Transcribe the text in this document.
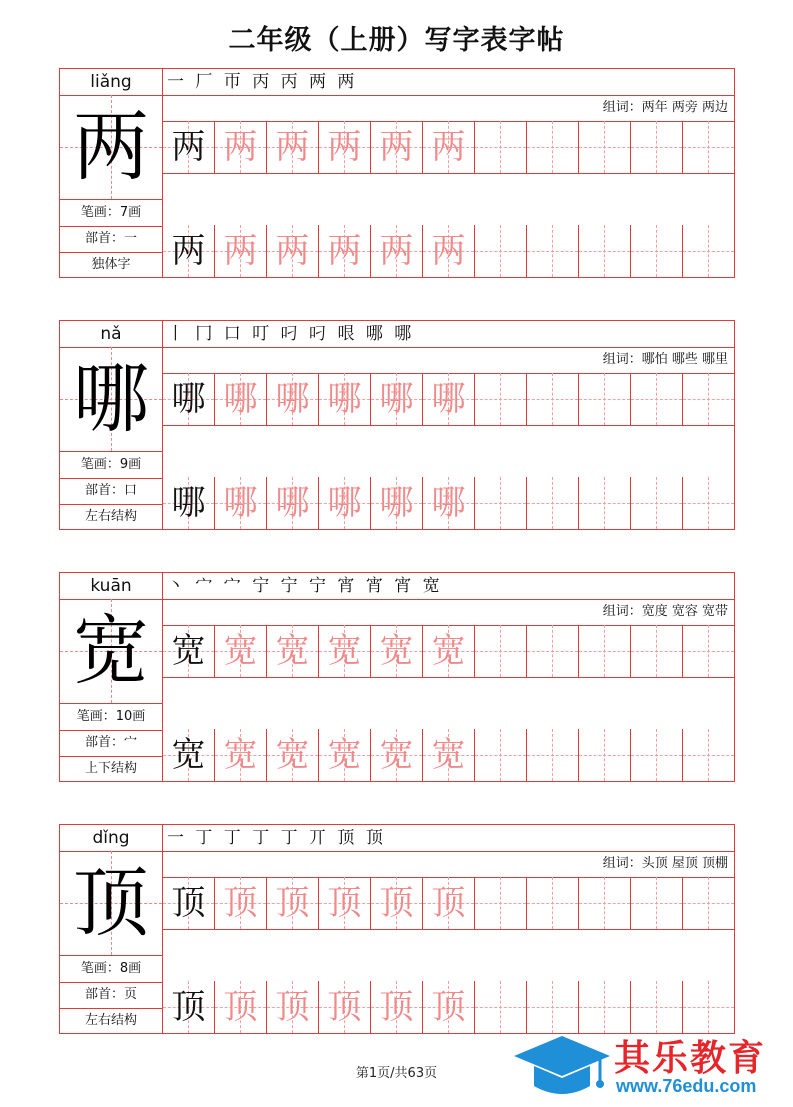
二年级（上册）写字表字帖
liǎng
两
笔画：7画
部首：一
独体字
一 厂 帀 丙 丙 两 两
组词：两年 两旁 两边
两 两 两 两 两 两
两 两 两 两 两 两
nǎ
哪
笔画：9画
部首：口
左右结构
丨 冂 口 叮 叼 叼 哏 哪 哪
组词：哪怕 哪些 哪里
哪 哪 哪 哪 哪 哪
哪 哪 哪 哪 哪 哪
kuān
宽
笔画：10画
部首：宀
上下结构
丶 宀 宀 宁 宁 宁 宵 宵 宵 宽
组词：宽度 宽容 宽带
宽 宽 宽 宽 宽 宽
宽 宽 宽 宽 宽 宽
dǐng
顶
笔画：8画
部首：页
左右结构
一 丁 丁 丁 丁 丌 顶 顶
组词：头顶 屋顶 顶棚
顶 顶 顶 顶 顶 顶
顶 顶 顶 顶 顶 顶
第1页/共63页	其乐教育
www.76edu.com
